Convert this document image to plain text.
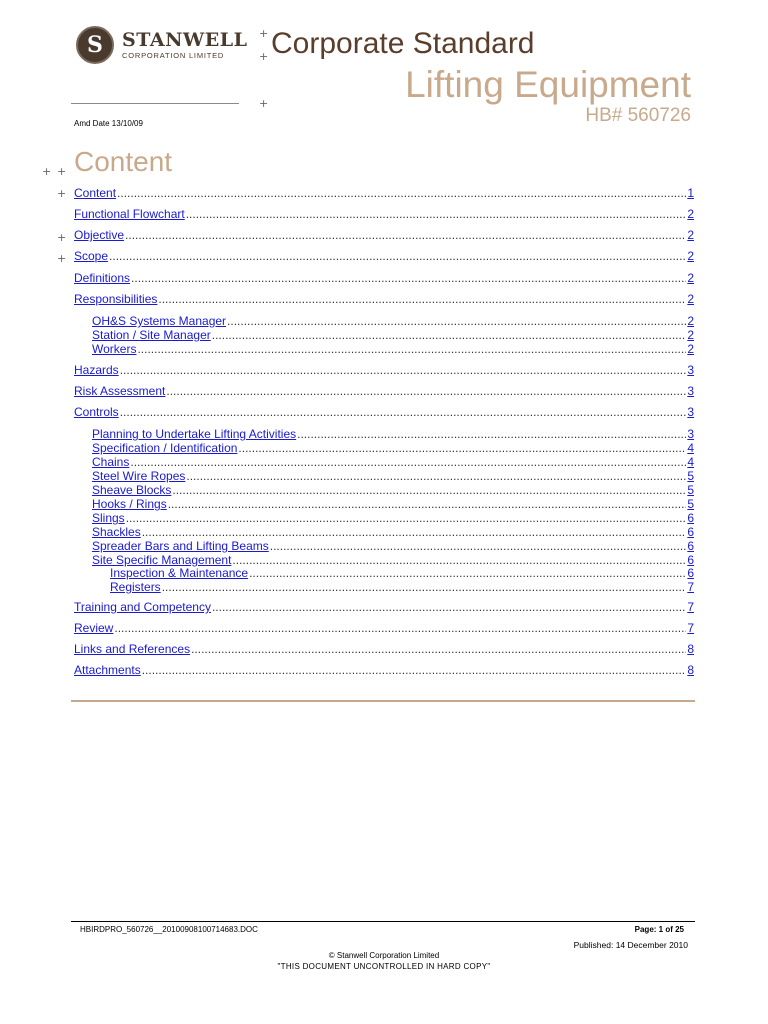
S	STANWELL
CORPORATION LIMITED
+
+
+
Amd Date 13/10/09
Corporate Standard
Lifting Equipment
HB# 560726
+ + Content
+
+
+
Content .....	1
Functional Flowchart .....	2
Objective .....	2
Scope .....	2
Definitions .....	2
Responsibilities .....	2
OH&S Systems Manager .....	2
Station / Site Manager .....	2
Workers .....	2
Hazards .....	3
Risk Assessment .....	3
Controls .....	3
Planning to Undertake Lifting Activities .....	3
Specification / Identification .....	4
Chains .....	4
Steel Wire Ropes .....	5
Sheave Blocks .....	5
Hooks / Rings .....	5
Slings .....	6
Shackles .....	6
Spreader Bars and Lifting Beams .....	6
Site Specific Management .....	6
Inspection & Maintenance .....	6
Registers .....	7
Training and Competency .....	7
Review .....	7
Links and References .....	8
Attachments .....	8
HBIRDPRO_560726__20100908100714683.DOC	Page: 1 of 25
Published: 14 December 2010
© Stanwell Corporation Limited
"THIS DOCUMENT UNCONTROLLED IN HARD COPY"
